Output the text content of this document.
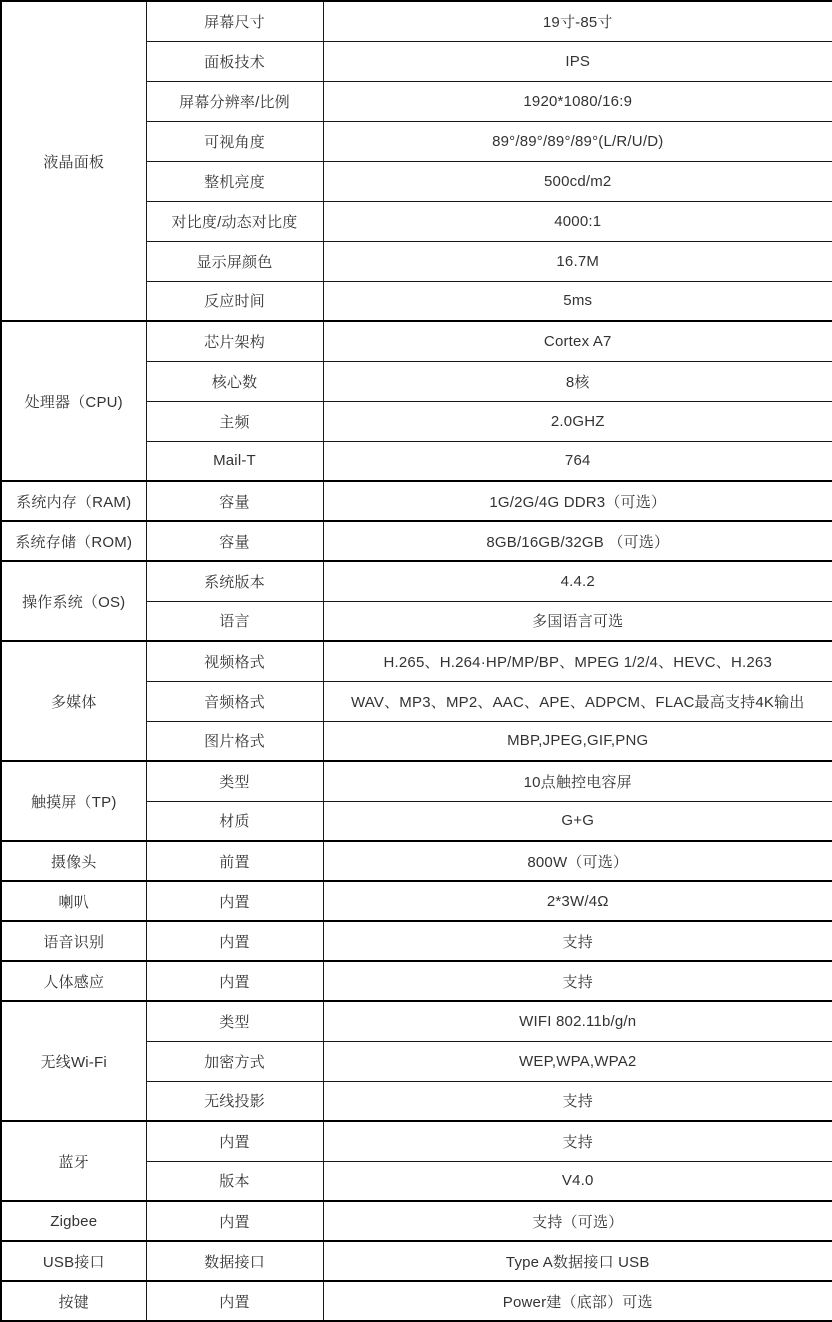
液晶面板	屏幕尺寸	19寸-85寸
	面板技术	IPS
	屏幕分辨率/比例	1920*1080/16:9
	可视角度	89°/89°/89°/89°(L/R/U/D)
	整机亮度	500cd/m2
	对比度/动态对比度	4000:1
	显示屏颜色	16.7M
	反应时间	5ms
处理器（CPU)	芯片架构	Cortex A7
	核心数	8核
	主频	2.0GHZ
	Mail-T	764
系统内存（RAM)	容量	1G/2G/4G DDR3（可选）
系统存储（ROM)	容量	8GB/16GB/32GB （可选）
操作系统（OS)	系统版本	4.4.2
	语言	多国语言可选
多媒体	视频格式	H.265、H.264·HP/MP/BP、MPEG 1/2/4、HEVC、H.263
	音频格式	WAV、MP3、MP2、AAC、APE、ADPCM、FLAC最高支持4K输出
	图片格式	MBP,JPEG,GIF,PNG
触摸屏（TP)	类型	10点触控电容屏
	材质	G+G
摄像头	前置	800W（可选）
喇叭	内置	2*3W/4Ω
语音识别	内置	支持
人体感应	内置	支持
无线Wi-Fi	类型	WIFI 802.11b/g/n
	加密方式	WEP,WPA,WPA2
	无线投影	支持
蓝牙	内置	支持
	版本	V4.0
Zigbee	内置	支持（可选）
USB接口	数据接口	Type A数据接口 USB
按键	内置	Power建（底部）可选
